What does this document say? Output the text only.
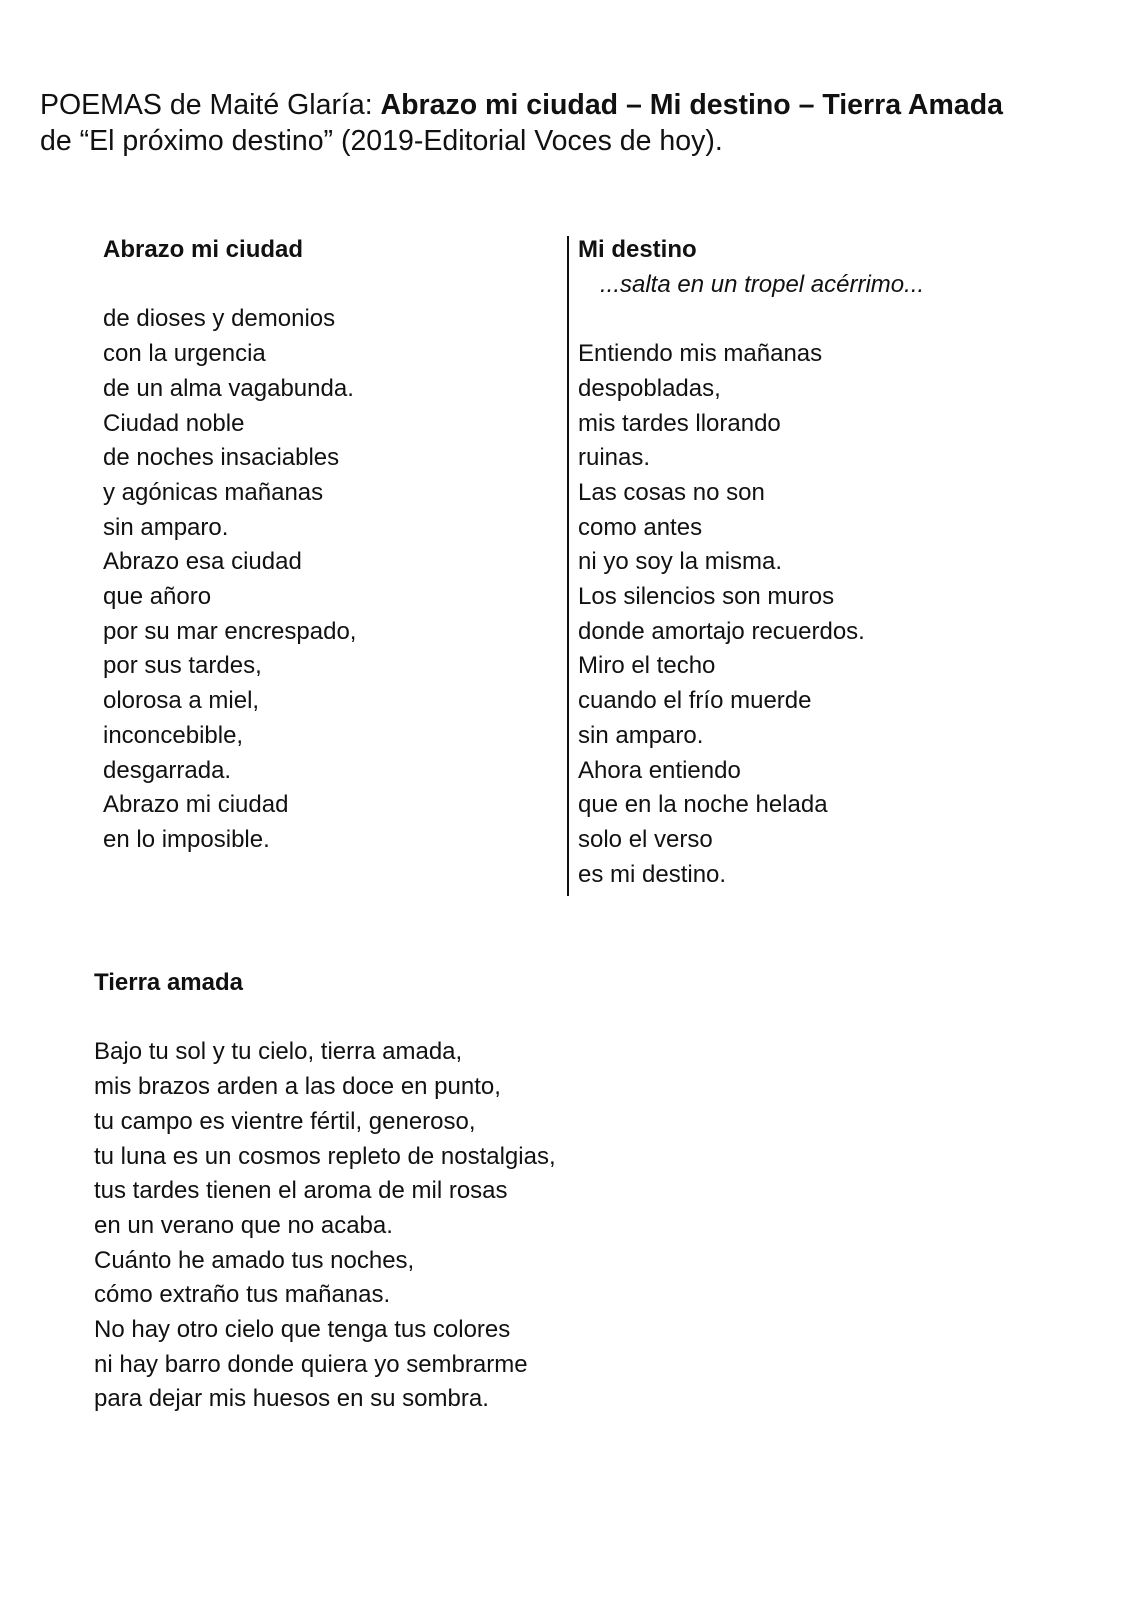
POEMAS de Maité Glaría: Abrazo mi ciudad – Mi destino – Tierra Amada
de “El próximo destino” (2019-Editorial Voces de hoy).
Abrazo mi ciudad
de dioses y demonios
con la urgencia
de un alma vagabunda.
Ciudad noble
de noches insaciables
y agónicas mañanas
sin amparo.
Abrazo esa ciudad
que añoro
por su mar encrespado,
por sus tardes,
olorosa a miel,
inconcebible,
desgarrada.
Abrazo mi ciudad
en lo imposible.
Mi destino
...salta en un tropel acérrimo...
Entiendo mis mañanas
despobladas,
mis tardes llorando
ruinas.
Las cosas no son
como antes
ni yo soy la misma.
Los silencios son muros
donde amortajo recuerdos.
Miro el techo
cuando el frío muerde
sin amparo.
Ahora entiendo
que en la noche helada
solo el verso
es mi destino.
Tierra amada
Bajo tu sol y tu cielo, tierra amada,
mis brazos arden a las doce en punto,
tu campo es vientre fértil, generoso,
tu luna es un cosmos repleto de nostalgias,
tus tardes tienen el aroma de mil rosas
en un verano que no acaba.
Cuánto he amado tus noches,
cómo extraño tus mañanas.
No hay otro cielo que tenga tus colores
ni hay barro donde quiera yo sembrarme
para dejar mis huesos en su sombra.
